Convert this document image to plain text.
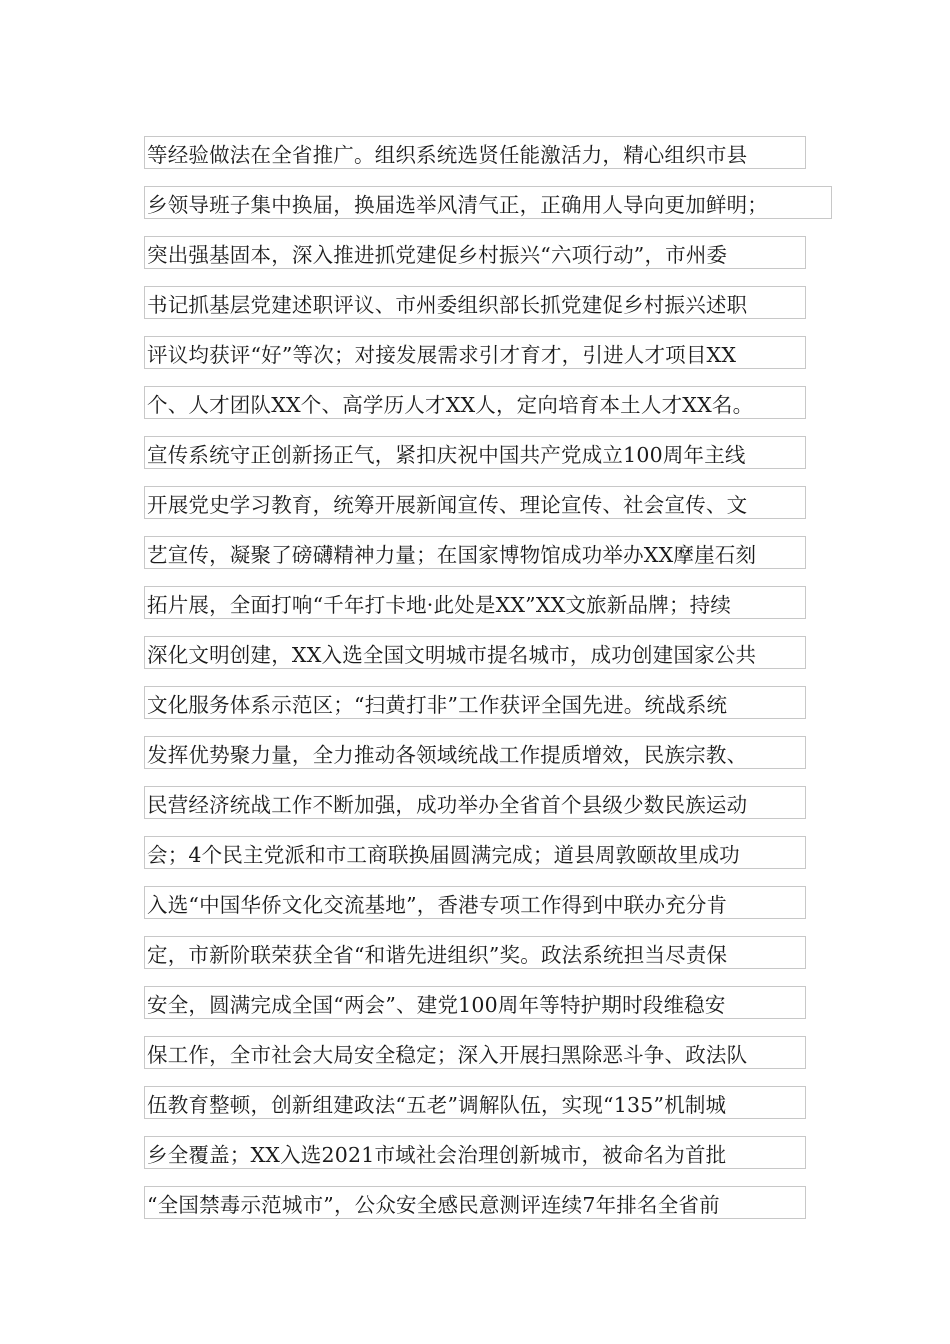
等经验做法在全省推广。组织系统选贤任能激活力，精心组织市县
乡领导班子集中换届，换届选举风清气正，正确用人导向更加鲜明；
突出强基固本，深入推进抓党建促乡村振兴“六项行动”，市州委
书记抓基层党建述职评议、市州委组织部长抓党建促乡村振兴述职
评议均获评“好”等次；对接发展需求引才育才，引进人才项目XX
个、人才团队XX个、高学历人才XX人，定向培育本土人才XX名。
宣传系统守正创新扬正气，紧扣庆祝中国共产党成立100周年主线
开展党史学习教育，统筹开展新闻宣传、理论宣传、社会宣传、文
艺宣传，凝聚了磅礴精神力量；在国家博物馆成功举办XX摩崖石刻
拓片展，全面打响“千年打卡地·此处是XX”XX文旅新品牌；持续
深化文明创建，XX入选全国文明城市提名城市，成功创建国家公共
文化服务体系示范区；“扫黄打非”工作获评全国先进。统战系统
发挥优势聚力量，全力推动各领域统战工作提质增效，民族宗教、
民营经济统战工作不断加强，成功举办全省首个县级少数民族运动
会；4个民主党派和市工商联换届圆满完成；道县周敦颐故里成功
入选“中国华侨文化交流基地”，香港专项工作得到中联办充分肯
定，市新阶联荣获全省“和谐先进组织”奖。政法系统担当尽责保
安全，圆满完成全国“两会”、建党100周年等特护期时段维稳安
保工作，全市社会大局安全稳定；深入开展扫黑除恶斗争、政法队
伍教育整顿，创新组建政法“五老”调解队伍，实现“135”机制城
乡全覆盖；XX入选2021市域社会治理创新城市，被命名为首批
“全国禁毒示范城市”，公众安全感民意测评连续7年排名全省前
